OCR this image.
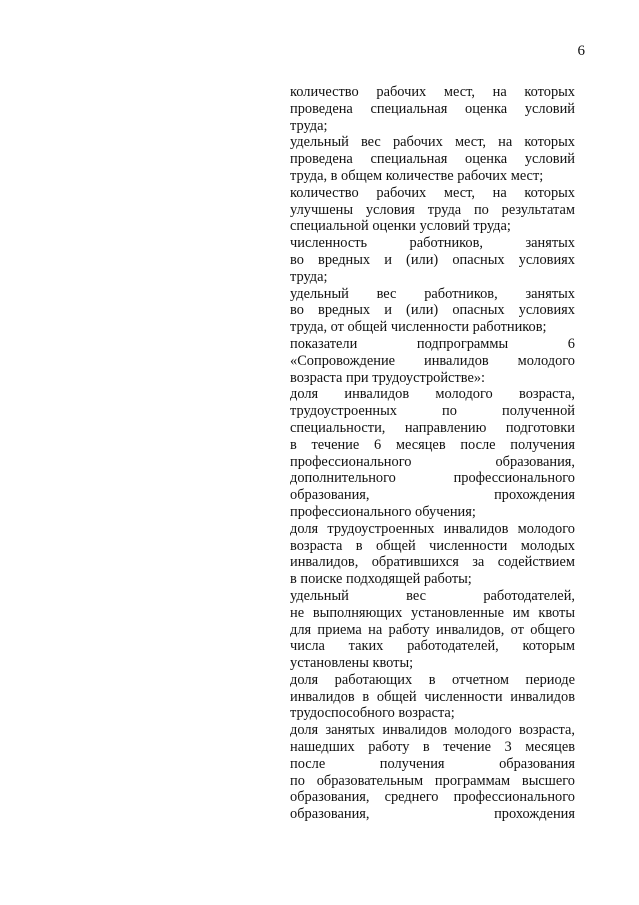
6
количество рабочих мест, на которых
проведена специальная оценка условий
труда;
удельный вес рабочих мест, на которых
проведена специальная оценка условий
труда, в общем количестве рабочих мест;
количество рабочих мест, на которых
улучшены условия труда по результатам
специальной оценки условий труда;
численность работников, занятых
во вредных и (или) опасных условиях
труда;
удельный вес работников, занятых
во вредных и (или) опасных условиях
труда, от общей численности работников;
показатели подпрограммы 6
«Сопровождение инвалидов молодого
возраста при трудоустройстве»:
доля инвалидов молодого возраста,
трудоустроенных по полученной
специальности, направлению подготовки
в течение 6 месяцев после получения
профессионального образования,
дополнительного профессионального
образования, прохождения
профессионального обучения;
доля трудоустроенных инвалидов молодого
возраста в общей численности молодых
инвалидов, обратившихся за содействием
в поиске подходящей работы;
удельный вес работодателей,
не выполняющих установленные им квоты
для приема на работу инвалидов, от общего
числа таких работодателей, которым
установлены квоты;
доля работающих в отчетном периоде
инвалидов в общей численности инвалидов
трудоспособного возраста;
доля занятых инвалидов молодого возраста,
нашедших работу в течение 3 месяцев
после получения образования
по образовательным программам высшего
образования, среднего профессионального
образования, прохождения
